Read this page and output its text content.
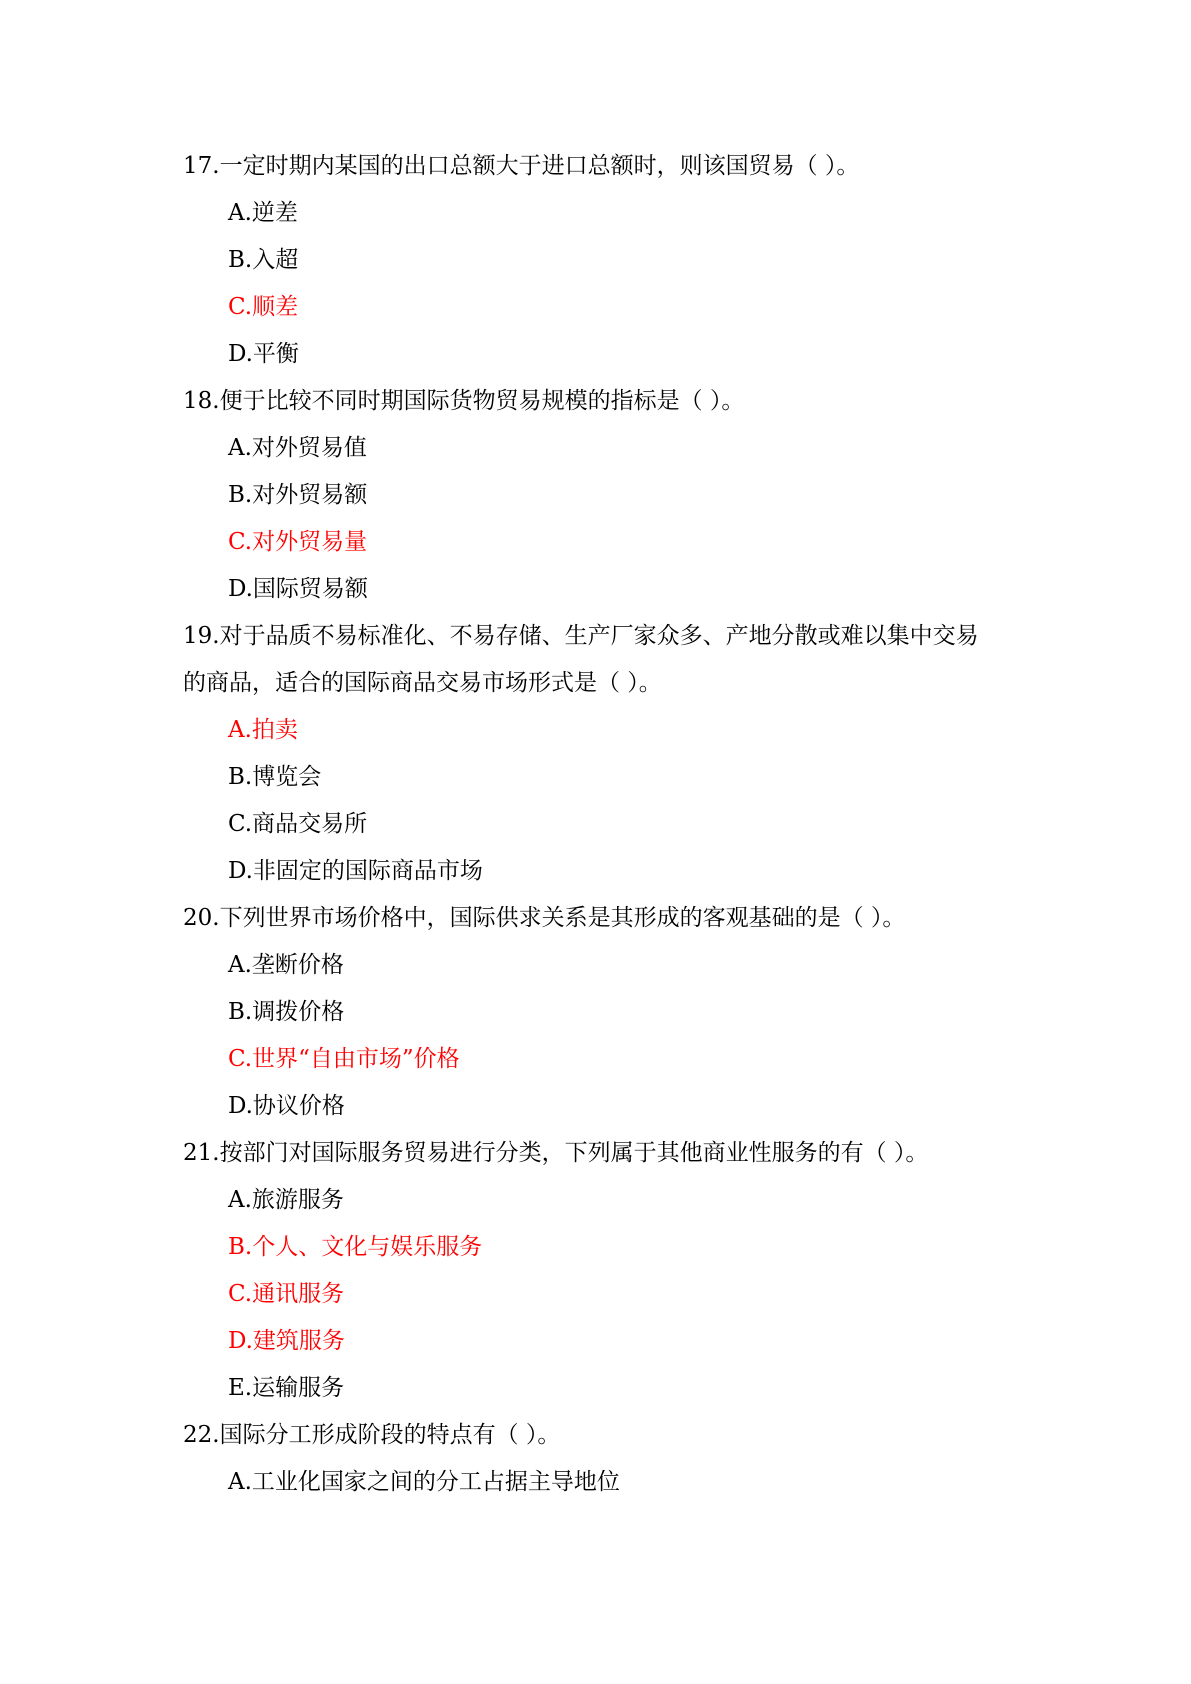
17.一定时期内某国的出口总额大于进口总额时，则该国贸易（ ）。
A.逆差
B.入超
C.顺差
D.平衡
18.便于比较不同时期国际货物贸易规模的指标是（ ）。
A.对外贸易值
B.对外贸易额
C.对外贸易量
D.国际贸易额
19.对于品质不易标准化、不易存储、生产厂家众多、产地分散或难以集中交易
的商品，适合的国际商品交易市场形式是（ ）。
A.拍卖
B.博览会
C.商品交易所
D.非固定的国际商品市场
20.下列世界市场价格中，国际供求关系是其形成的客观基础的是（ ）。
A.垄断价格
B.调拨价格
C.世界“自由市场”价格
D.协议价格
21.按部门对国际服务贸易进行分类，下列属于其他商业性服务的有（ ）。
A.旅游服务
B.个人、文化与娱乐服务
C.通讯服务
D.建筑服务
E.运输服务
22.国际分工形成阶段的特点有（ ）。
A.工业化国家之间的分工占据主导地位
